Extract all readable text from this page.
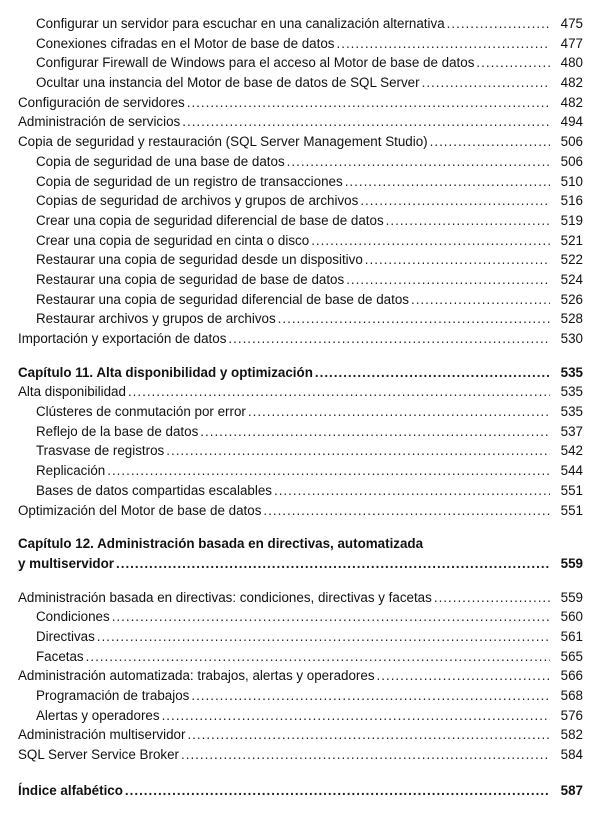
Configurar un servidor para escuchar en una canalización alternativa .....	475
Conexiones cifradas en el Motor de base de datos .....	477
Configurar Firewall de Windows para el acceso al Motor de base de datos .....	480
Ocultar una instancia del Motor de base de datos de SQL Server .....	482
Configuración de servidores .....	482
Administración de servicios .....	494
Copia de seguridad y restauración (SQL Server Management Studio) .....	506
Copia de seguridad de una base de datos .....	506
Copia de seguridad de un registro de transacciones .....	510
Copias de seguridad de archivos y grupos de archivos .....	516
Crear una copia de seguridad diferencial de base de datos .....	519
Crear una copia de seguridad en cinta o disco .....	521
Restaurar una copia de seguridad desde un dispositivo .....	522
Restaurar una copia de seguridad de base de datos .....	524
Restaurar una copia de seguridad diferencial de base de datos .....	526
Restaurar archivos y grupos de archivos .....	528
Importación y exportación de datos .....	530
Capítulo 11. Alta disponibilidad y optimización .....	535
Alta disponibilidad .....	535
Clústeres de conmutación por error .....	535
Reflejo de la base de datos .....	537
Trasvase de registros .....	542
Replicación .....	544
Bases de datos compartidas escalables .....	551
Optimización del Motor de base de datos .....	551
Capítulo 12. Administración basada en directivas, automatizada
y multiservidor .....	559
Administración basada en directivas: condiciones, directivas y facetas .....	559
Condiciones .....	560
Directivas .....	561
Facetas .....	565
Administración automatizada: trabajos, alertas y operadores .....	566
Programación de trabajos .....	568
Alertas y operadores .....	576
Administración multiservidor .....	582
SQL Server Service Broker .....	584
Índice alfabético .....	587
